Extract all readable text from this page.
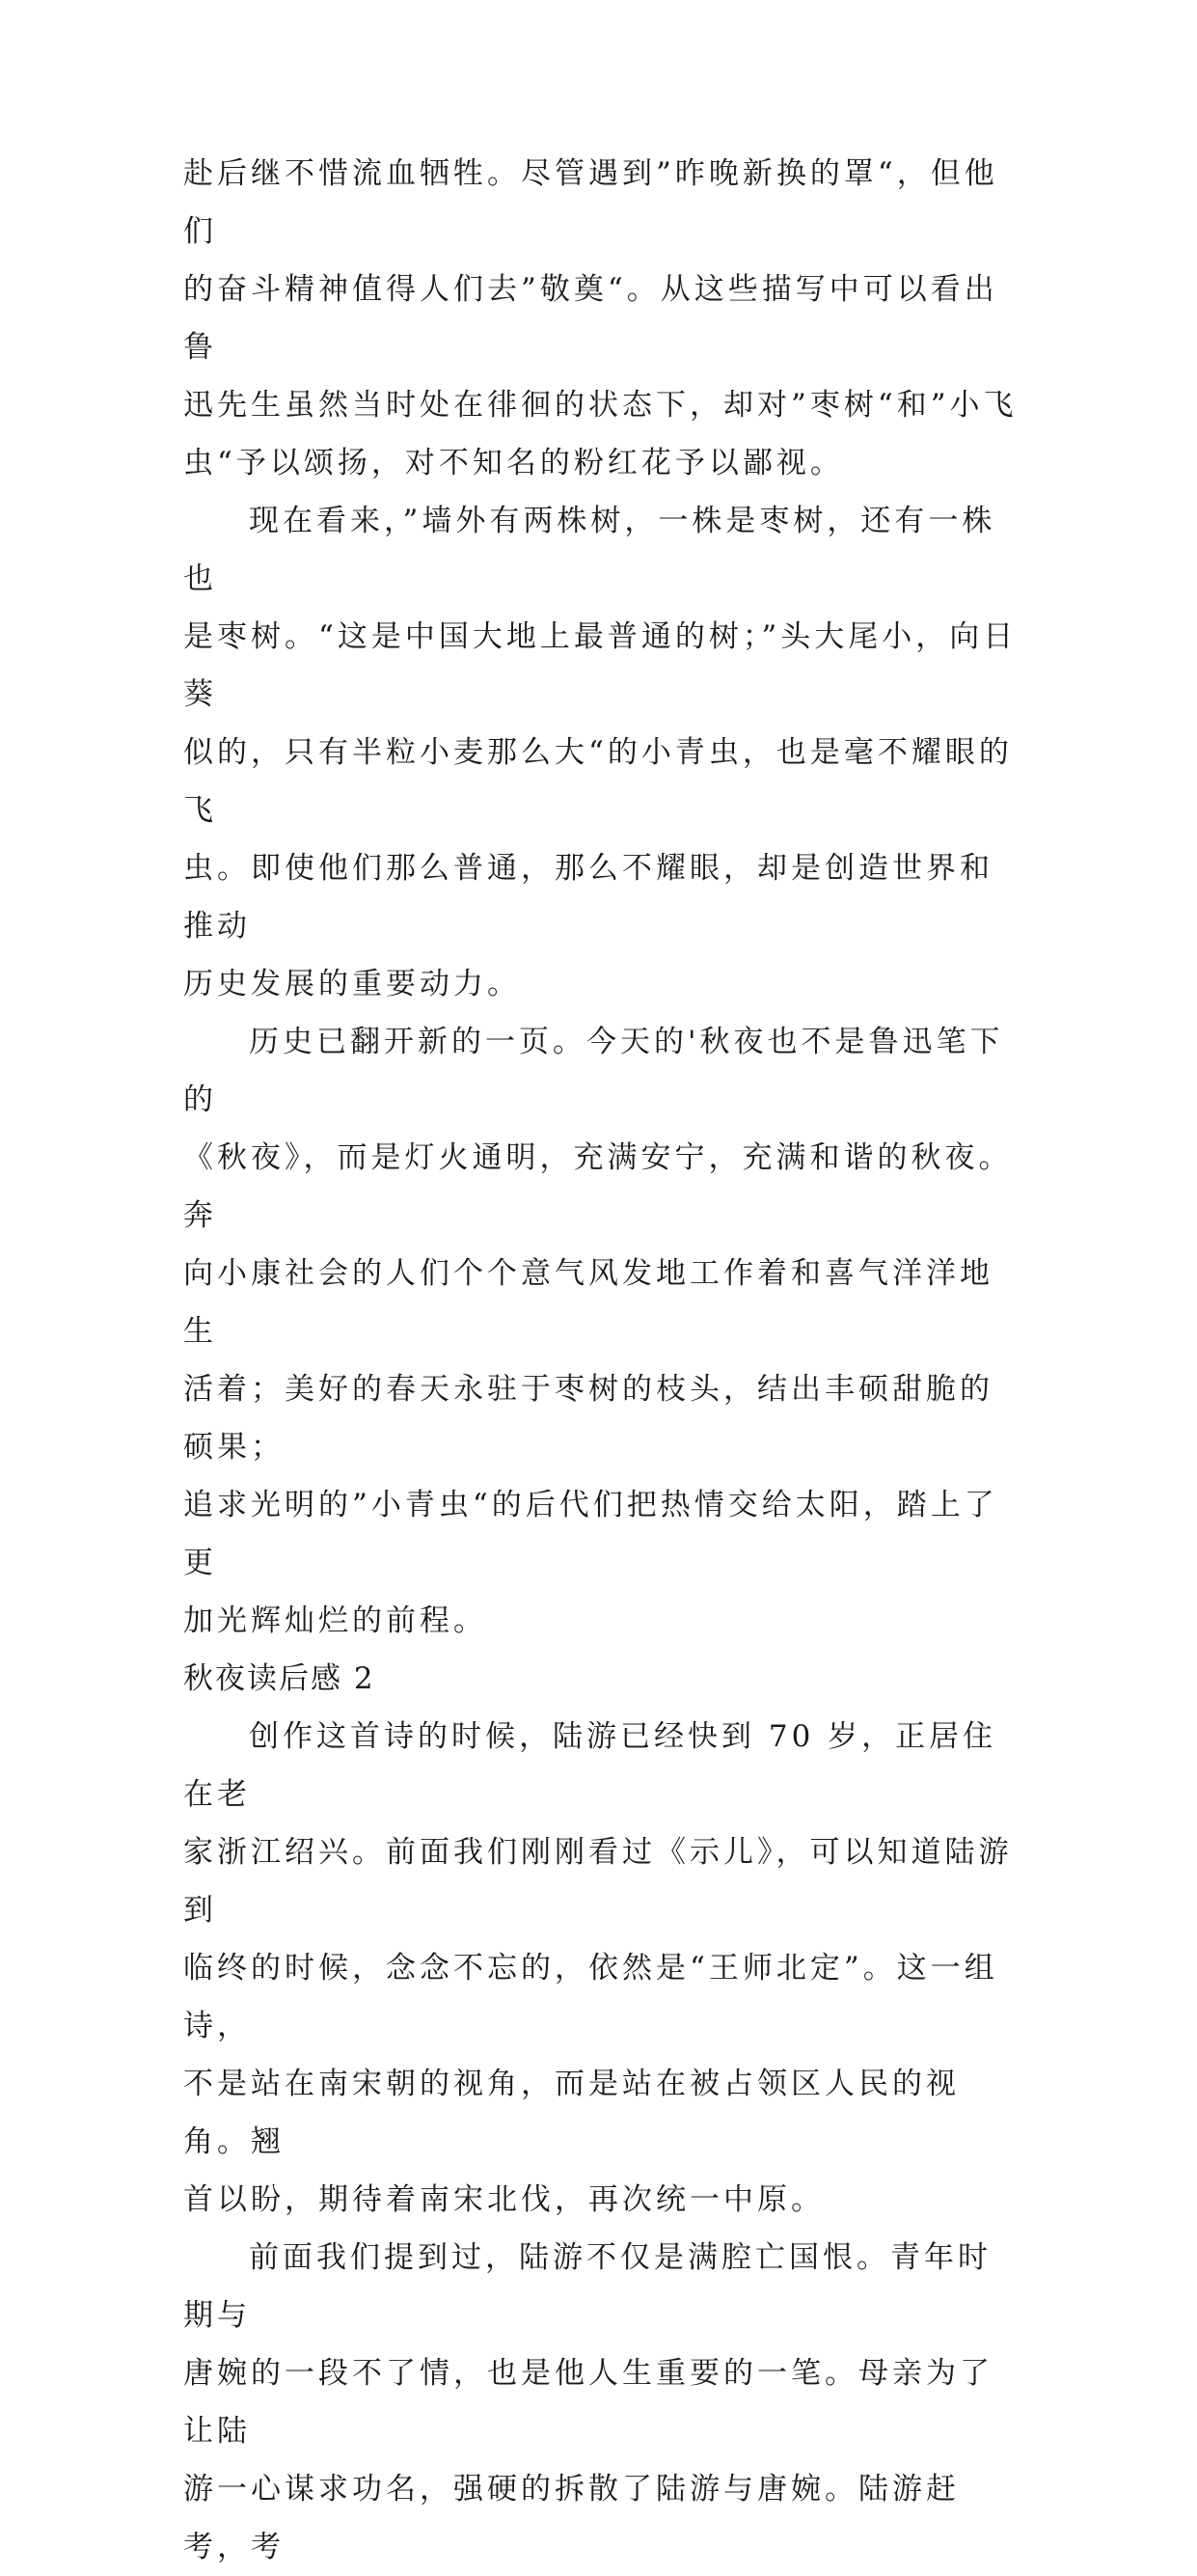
赴后继不惜流血牺牲。尽管遇到”昨晚新换的罩“，但他们
的奋斗精神值得人们去”敬奠“。从这些描写中可以看出鲁
迅先生虽然当时处在徘徊的状态下，却对”枣树“和”小飞
虫“予以颂扬，对不知名的粉红花予以鄙视。

现在看来，”墙外有两株树，一株是枣树，还有一株也
是枣树。“这是中国大地上最普通的树；”头大尾小，向日葵
似的，只有半粒小麦那么大“的小青虫，也是毫不耀眼的飞
虫。即使他们那么普通，那么不耀眼，却是创造世界和推动
历史发展的重要动力。

历史已翻开新的一页。今天的'秋夜也不是鲁迅笔下的
《秋夜》，而是灯火通明，充满安宁，充满和谐的秋夜。奔
向小康社会的人们个个意气风发地工作着和喜气洋洋地生
活着；美好的春天永驻于枣树的枝头，结出丰硕甜脆的硕果；
追求光明的”小青虫“的后代们把热情交给太阳，踏上了更
加光辉灿烂的前程。

秋夜读后感 2

创作这首诗的时候，陆游已经快到 70 岁，正居住在老
家浙江绍兴。前面我们刚刚看过《示儿》，可以知道陆游到
临终的时候，念念不忘的，依然是“王师北定”。这一组诗，
不是站在南宋朝的视角，而是站在被占领区人民的视角。翘
首以盼，期待着南宋北伐，再次统一中原。

前面我们提到过，陆游不仅是满腔亡国恨。青年时期与
唐婉的一段不了情，也是他人生重要的一笔。母亲为了让陆
游一心谋求功名，强硬的拆散了陆游与唐婉。陆游赶考，考
